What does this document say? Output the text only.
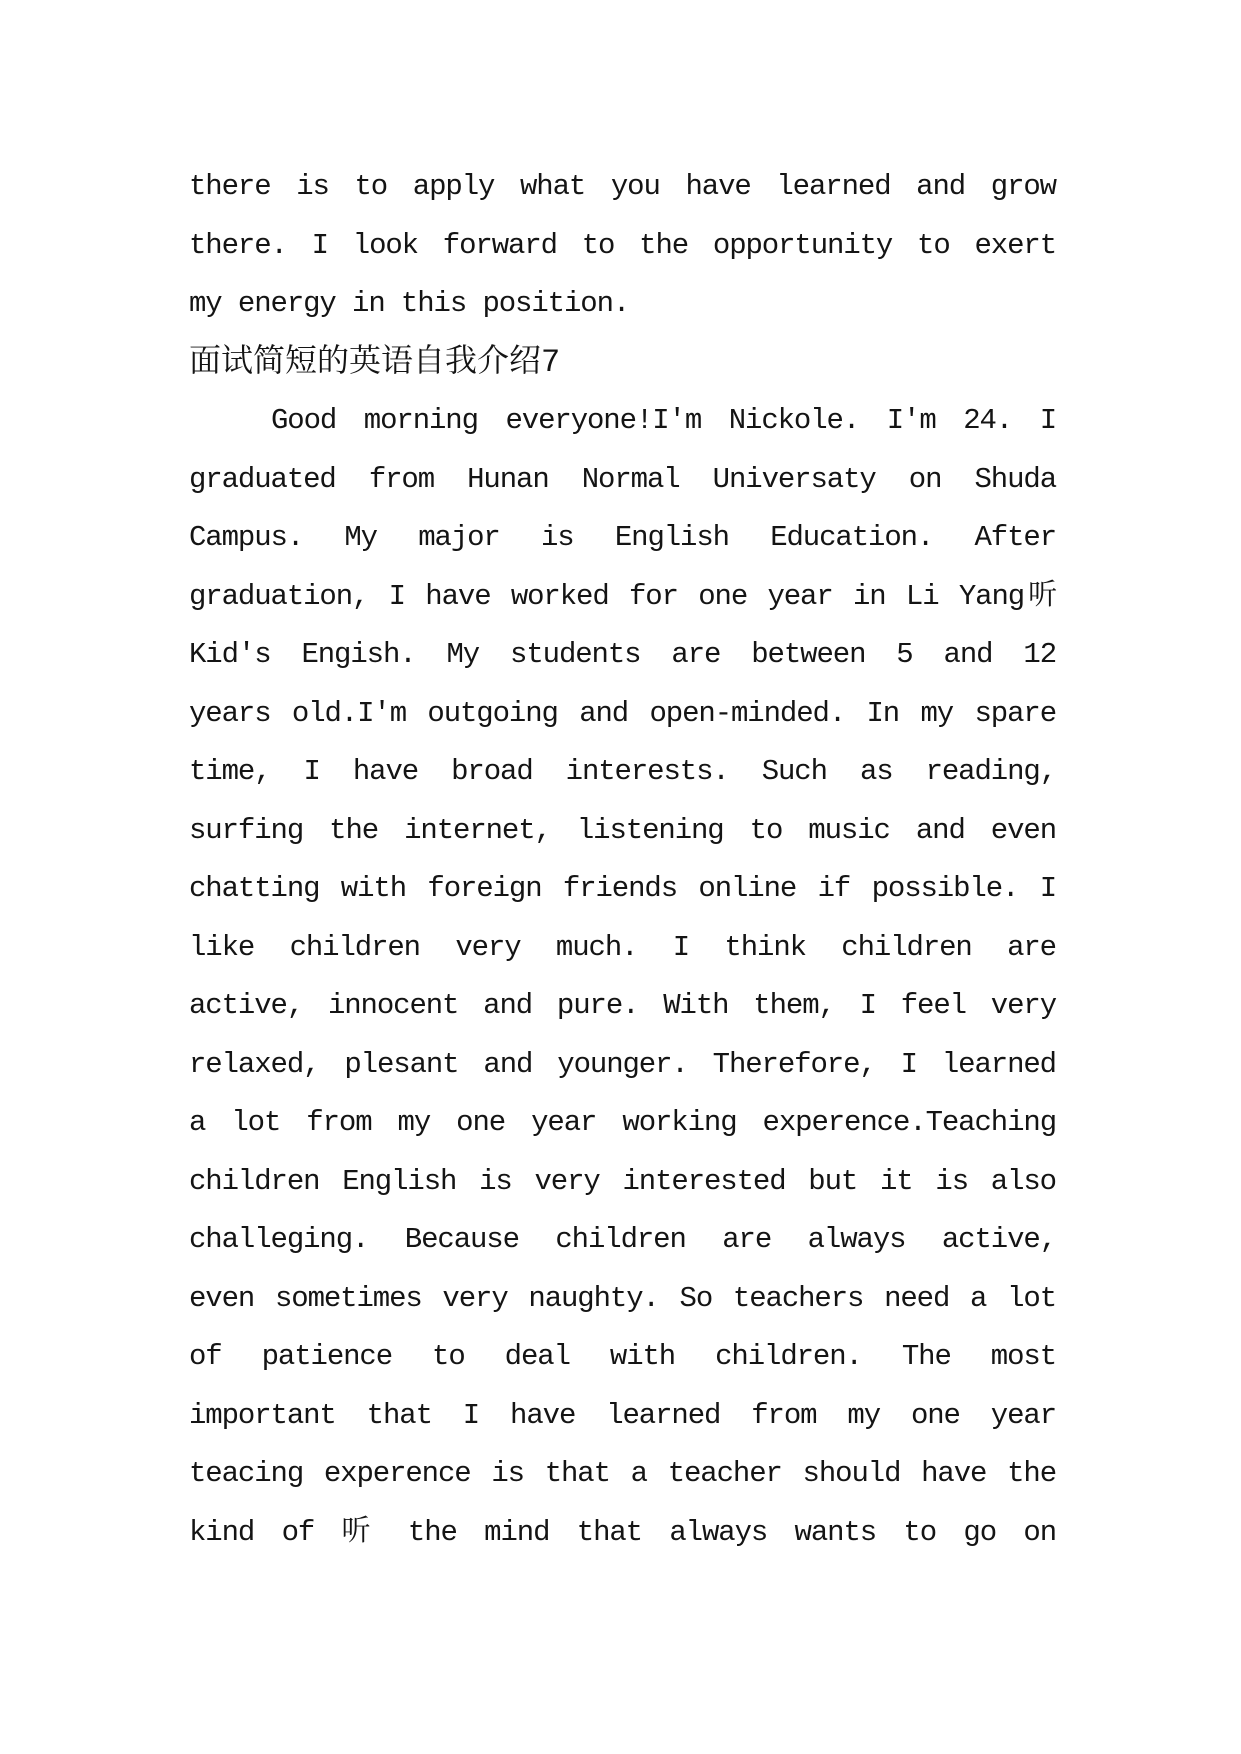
there is to apply what you have learned and grow
there. I look forward to the opportunity to exert
my energy in this position.
面试简短的英语自我介绍7
Good morning everyone!I'm Nickole. I'm 24. I
graduated from Hunan Normal Universaty on Shuda
Campus. My major is English Education. After
graduation, I have worked for one year in Li Yang听
Kid's Engish. My students are between 5 and 12
years old.I'm outgoing and open-minded. In my spare
time, I have broad interests. Such as reading,
surfing the internet, listening to music and even
chatting with foreign friends online if possible. I
like children very much. I think children are
active, innocent and pure. With them, I feel very
relaxed, plesant and younger. Therefore, I learned
a lot from my one year working experence.Teaching
children English is very interested but it is also
challeging. Because children are always active,
even sometimes very naughty. So teachers need a lot
of patience to deal with children. The most
important that I have learned from my one year
teacing experence is that a teacher should have the
kind of 听 the mind that always wants to go on
